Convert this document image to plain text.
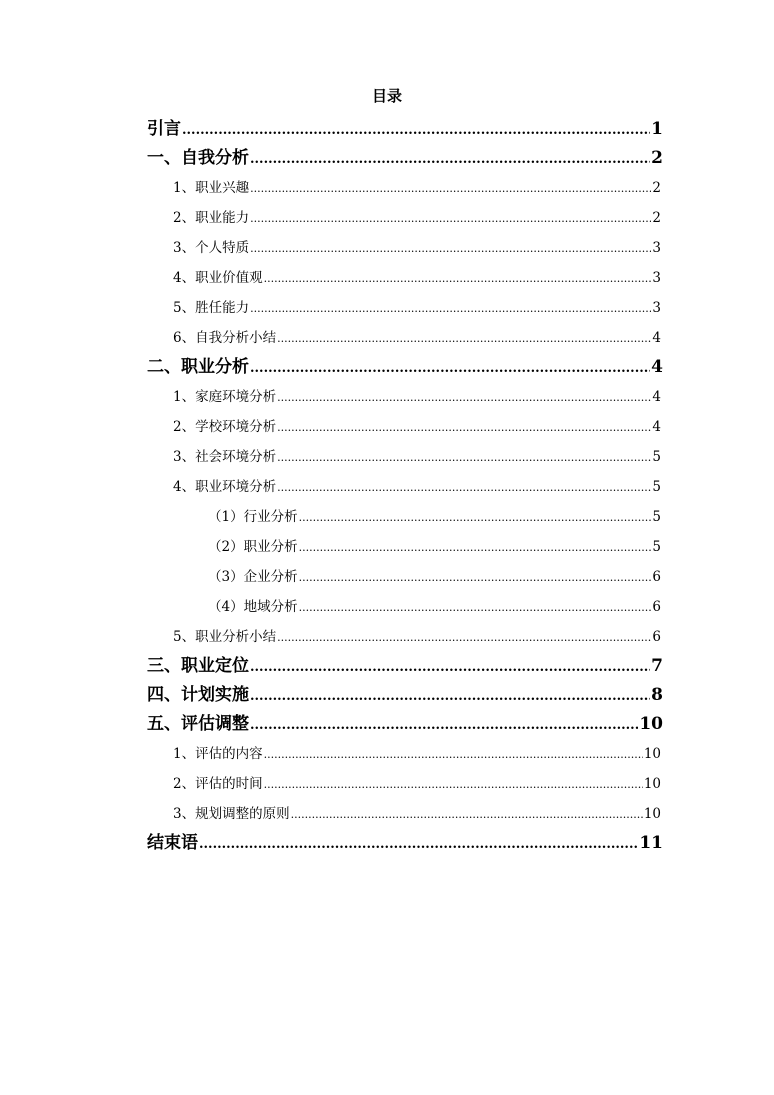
目录
引言 .....	1
一、自我分析 .....	2
1、职业兴趣 .....	2
2、职业能力 .....	2
3、个人特质 .....	3
4、职业价值观 .....	3
5、胜任能力 .....	3
6、自我分析小结 .....	4
二、职业分析 .....	4
1、家庭环境分析 .....	4
2、学校环境分析 .....	4
3、社会环境分析 .....	5
4、职业环境分析 .....	5
（1）行业分析 .....	5
（2）职业分析 .....	5
（3）企业分析 .....	6
（4）地域分析 .....	6
5、职业分析小结 .....	6
三、职业定位 .....	7
四、计划实施 .....	8
五、评估调整 .....	10
1、评估的内容 .....	10
2、评估的时间 .....	10
3、规划调整的原则 .....	10
结束语 .....	11
